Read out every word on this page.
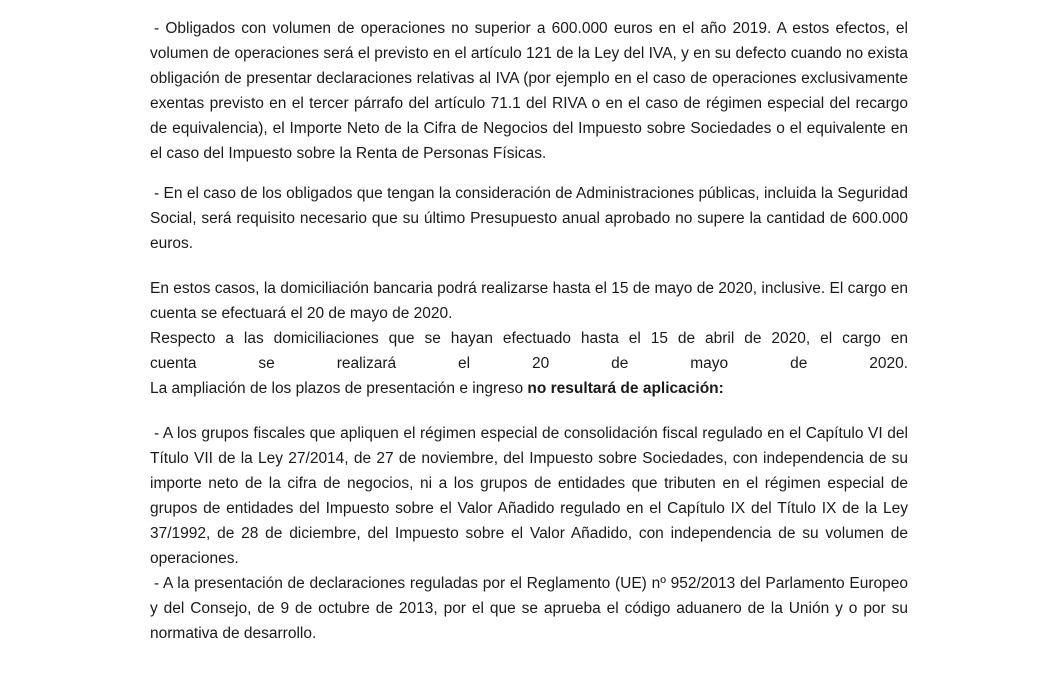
- Obligados con volumen de operaciones no superior a 600.000 euros en el año 2019. A estos efectos, el volumen de operaciones será el previsto en el artículo 121 de la Ley del IVA, y en su defecto cuando no exista obligación de presentar declaraciones relativas al IVA (por ejemplo en el caso de operaciones exclusivamente exentas previsto en el tercer párrafo del artículo 71.1 del RIVA o en el caso de régimen especial del recargo de equivalencia), el Importe Neto de la Cifra de Negocios del Impuesto sobre Sociedades o el equivalente en el caso del Impuesto sobre la Renta de Personas Físicas.

- En el caso de los obligados que tengan la consideración de Administraciones públicas, incluida la Seguridad Social, será requisito necesario que su último Presupuesto anual aprobado no supere la cantidad de 600.000 euros.

En estos casos, la domiciliación bancaria podrá realizarse hasta el 15 de mayo de 2020, inclusive. El cargo en cuenta se efectuará el 20 de mayo de 2020.

Respecto a las domiciliaciones que se hayan efectuado hasta el 15 de abril de 2020, el cargo en

cuenta se realizará el 20 de mayo de 2020.

La ampliación de los plazos de presentación e ingreso no resultará de aplicación:

- A los grupos fiscales que apliquen el régimen especial de consolidación fiscal regulado en el Capítulo VI del Título VII de la Ley 27/2014, de 27 de noviembre, del Impuesto sobre Sociedades, con independencia de su importe neto de la cifra de negocios, ni a los grupos de entidades que tributen en el régimen especial de grupos de entidades del Impuesto sobre el Valor Añadido regulado en el Capítulo IX del Título IX de la Ley 37/1992, de 28 de diciembre, del Impuesto sobre el Valor Añadido, con independencia de su volumen de operaciones.

- A la presentación de declaraciones reguladas por el Reglamento (UE) nº 952/2013 del Parlamento Europeo y del Consejo, de 9 de octubre de 2013, por el que se aprueba el código aduanero de la Unión y o por su normativa de desarrollo.
